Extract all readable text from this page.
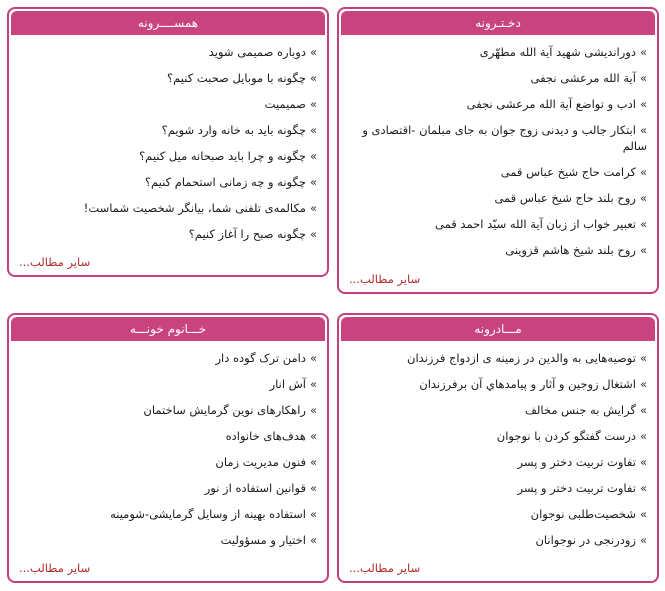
دخـتـرونه
»دوراندیشی شهید آیة الله مطهّری
»آیة الله مرعشی نجفی
»ادب و تواضع آیة الله مرعشی نجفی
»ابتکار جالب و دیدنی زوج جوان به جای مبلمان -اقتصادی و سالم
»کرامت حاج شیخ عباس قمی
»روح بلند حاج شیخ عباس قمی
»تعبیر خواب از زبان آیة الله سیّد احمد قمی
»روح بلند شیخ هاشم قزوینی
سایر مطالب...
همســــرونه
»دوباره صمیمی شوید
»چگونه با موبایل صحبت کنیم؟
»صمیمیت
»چگونه باید به خانه وارد شویم؟
»چگونه و چرا باید صبحانه میل کنیم؟
»چگونه و چه زمانی استحمام کنیم؟
»مکالمه‌ی تلفنی شما، بیانگر شخصیت شماست!
»چگونه صبح را آغاز کنیم؟
سایر مطالب...
مـــادرونه
»توصیه‌هایی به والدین در زمینه ی ازدواج فرزندان
»اشتغال زوجین و آثار و پیامدهاي آن برفرزندان
»گرایش به جنس مخالف
»درست گفتگو کردن با نوجوان
»تفاوت تربیت دختر و پسر
»تفاوت تربیت دختر و پسر
»شخصیت‌طلبی نوجوان
»زودرنجی در نوجوانان
سایر مطالب...
خـــانوم خونـــه
»دامن ترک گوده دار
»آش انار
»راهکارهای نوین گرمایش ساختمان
»هدف‌های خانواده
»فنون مدیریت زمان
»قوانین استفاده از نور
»استفاده بهینه از وسایل گرمایشی-شومینه
»اختیار و مسؤولیت
سایر مطالب...
